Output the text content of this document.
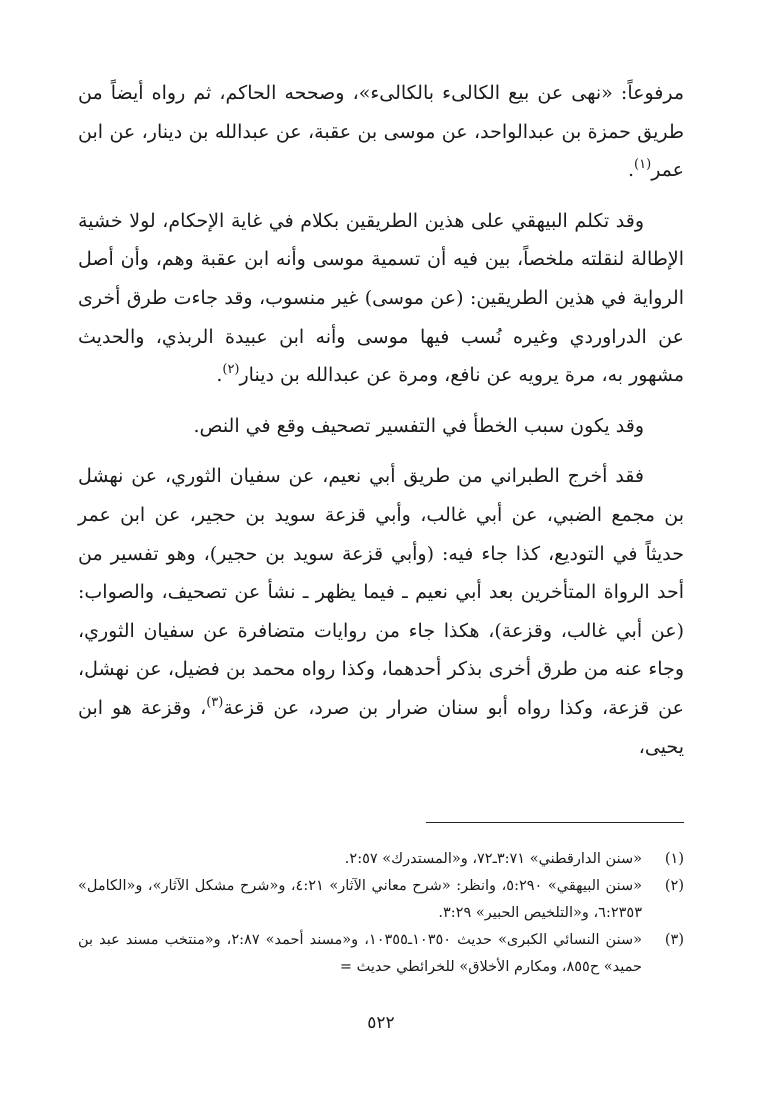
مرفوعاً: «نهى عن بيع الكالىء بالكالىء»، وصححه الحاكم، ثم رواه أيضاً من طريق حمزة بن عبدالواحد، عن موسى بن عقبة، عن عبدالله بن دينار، عن ابن عمر$^{(١)}$.

وقد تكلم البيهقي على هذين الطريقين بكلام في غاية الإحكام، لولا خشية الإطالة لنقلته ملخصاً، بين فيه أن تسمية موسى وأنه ابن عقبة وهم، وأن أصل الرواية في هذين الطريقين: (عن موسى) غير منسوب، وقد جاءت طرق أخرى عن الدراوردي وغيره نُسب فيها موسى وأنه ابن عبيدة الربذي، والحديث مشهور به، مرة يرويه عن نافع، ومرة عن عبدالله بن دينار$^{(٢)}$.

وقد يكون سبب الخطأ في التفسير تصحيف وقع في النص.

فقد أخرج الطبراني من طريق أبي نعيم، عن سفيان الثوري، عن نهشل بن مجمع الضبي، عن أبي غالب، وأبي قزعة سويد بن حجير، عن ابن عمر حديثاً في التوديع، كذا جاء فيه: (وأبي قزعة سويد بن حجير)، وهو تفسير من أحد الرواة المتأخرين بعد أبي نعيم ـ فيما يظهر ـ نشأ عن تصحيف، والصواب: (عن أبي غالب، وقزعة)، هكذا جاء من روايات متضافرة عن سفيان الثوري، وجاء عنه من طرق أخرى بذكر أحدهما، وكذا رواه محمد بن فضيل، عن نهشل، عن قزعة، وكذا رواه أبو سنان ضرار بن صرد، عن قزعة$^{(٣)}$، وقزعة هو ابن يحيى،

(١)
«سنن الدارقطني» ٣:٧١ـ٧٢، و«المستدرك» ٢:٥٧.
(٢)
«سنن البيهقي» ٥:٢٩٠، وانظر: «شرح معاني الآثار» ٤:٢١، و«شرح مشكل الآثار»، و«الكامل» ٦:٢٣٥٣، و«التلخيص الحبير» ٣:٢٩.
(٣)
«سنن النسائي الكبرى» حديث ١٠٣٥٠ـ١٠٣٥٥، و«مسند أحمد» ٢:٨٧، و«منتخب مسند عبد بن حميد» ح٨٥٥، ومكارم الأخلاق» للخرائطي حديث =
٥٢٢
